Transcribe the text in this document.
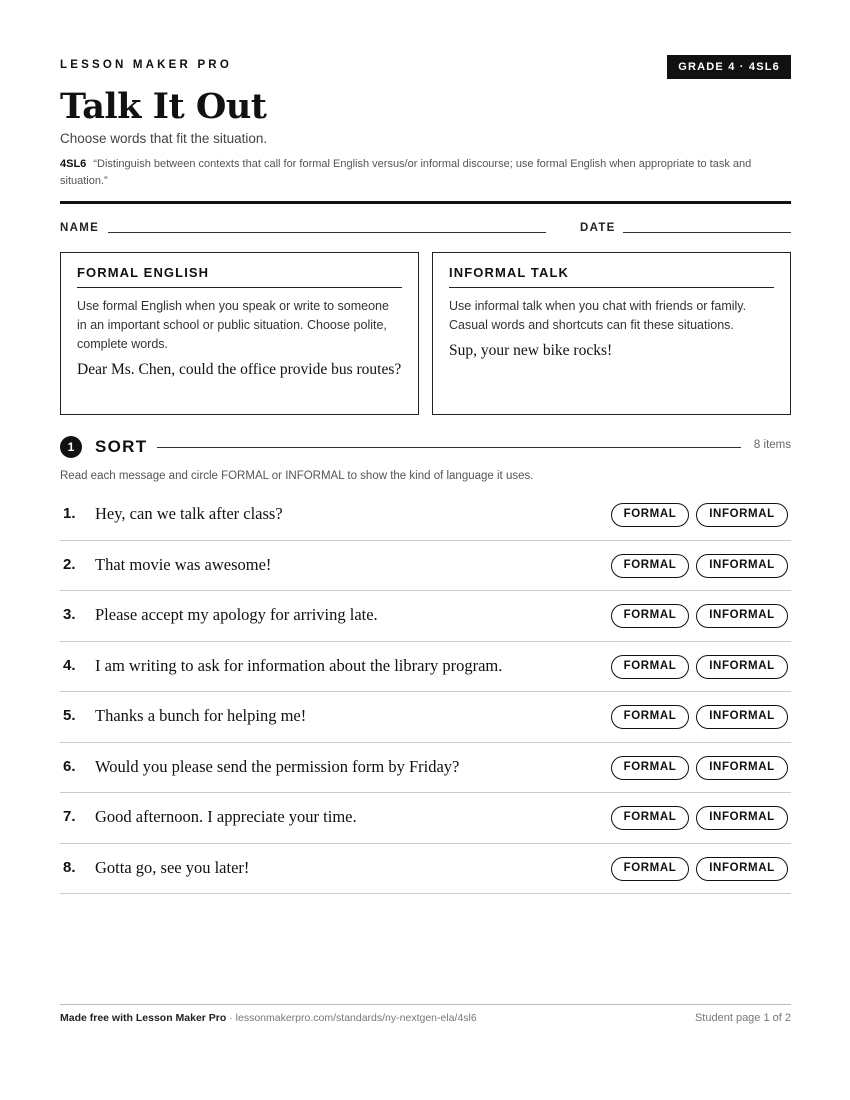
LESSON MAKER PRO	GRADE 4 · 4SL6
Talk It Out
Choose words that fit the situation.
4SL6 “Distinguish between contexts that call for formal English versus/or informal discourse; use formal English when appropriate to task and situation.”
NAME	DATE
FORMAL ENGLISH
Use formal English when you speak or write to someone in an important school or public situation. Choose polite, complete words.
Dear Ms. Chen, could the office provide bus routes?
INFORMAL TALK
Use informal talk when you chat with friends or family. Casual words and shortcuts can fit these situations.
Sup, your new bike rocks!
1	SORT	8 items
Read each message and circle FORMAL or INFORMAL to show the kind of language it uses.
1. Hey, can we talk after class?	FORMAL	INFORMAL
2. That movie was awesome!	FORMAL	INFORMAL
3. Please accept my apology for arriving late.	FORMAL	INFORMAL
4. I am writing to ask for information about the library program.	FORMAL	INFORMAL
5. Thanks a bunch for helping me!	FORMAL	INFORMAL
6. Would you please send the permission form by Friday?	FORMAL	INFORMAL
7. Good afternoon. I appreciate your time.	FORMAL	INFORMAL
8. Gotta go, see you later!	FORMAL	INFORMAL
Made free with Lesson Maker Pro · lessonmakerpro.com/standards/ny-nextgen-ela/4sl6	Student page 1 of 2
